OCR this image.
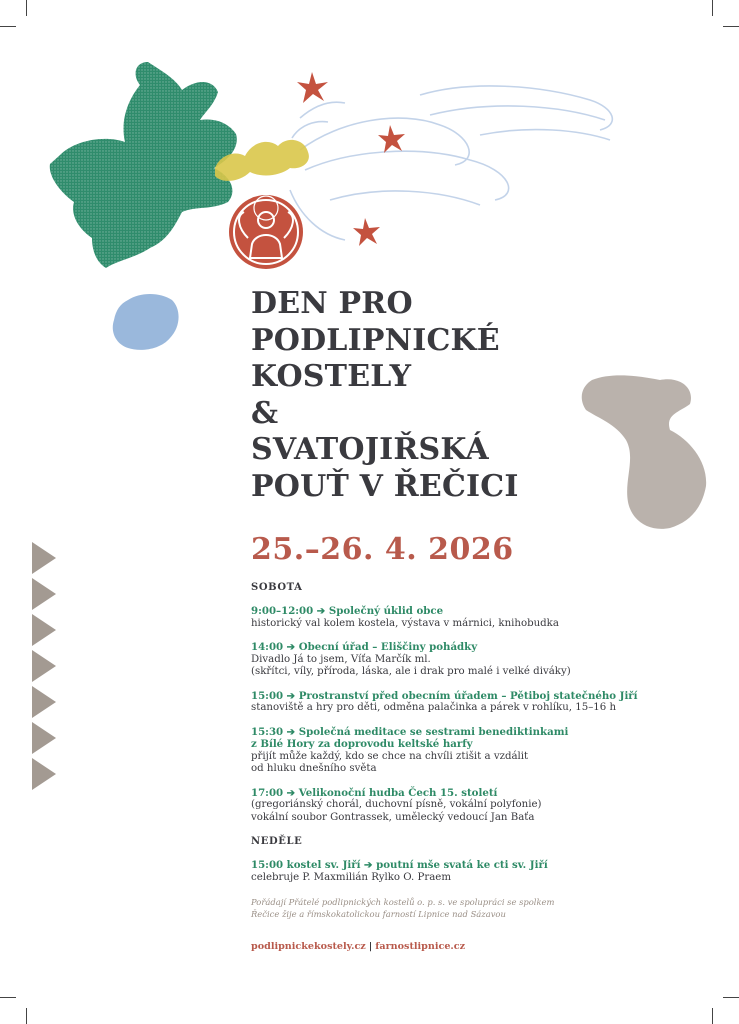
DEN PRO
PODLIPNICKÉ
KOSTELY
&
SVATOJIŘSKÁ
POUŤ V ŘEČICI
25.–26. 4. 2026
SOBOTA
9:00–12:00 ➔ Společný úklid obce
historický val kolem kostela, výstava v márnici, knihobudka
14:00 ➔ Obecní úřad – Eliščiny pohádky
Divadlo Já to jsem, Víťa Marčík ml.
(skřítci, víly, příroda, láska, ale i drak pro malé i velké diváky)
15:00 ➔ Prostranství před obecním úřadem – Pětiboj statečného Jiří
stanoviště a hry pro děti, odměna palačinka a párek v rohlíku, 15–16 h
15:30 ➔ Společná meditace se sestrami benediktinkami
z Bílé Hory za doprovodu keltské harfy
přijít může každý, kdo se chce na chvíli ztišit a vzdálit
od hluku dnešního světa
17:00 ➔ Velikonoční hudba Čech 15. století
(gregoriánský chorál, duchovní písně, vokální polyfonie)
vokální soubor Gontrassek, umělecký vedoucí Jan Baťa
NEDĚLE
15:00 kostel sv. Jiří ➔ poutní mše svatá ke cti sv. Jiří
celebruje P. Maxmilián Rylko O. Praem
Pořádají Přátelé podlipnických kostelů o. p. s. ve spolupráci se spolkem
Řečice žije a římskokatolickou farností Lipnice nad Sázavou
podlipnickekostely.cz | farnostlipnice.cz
